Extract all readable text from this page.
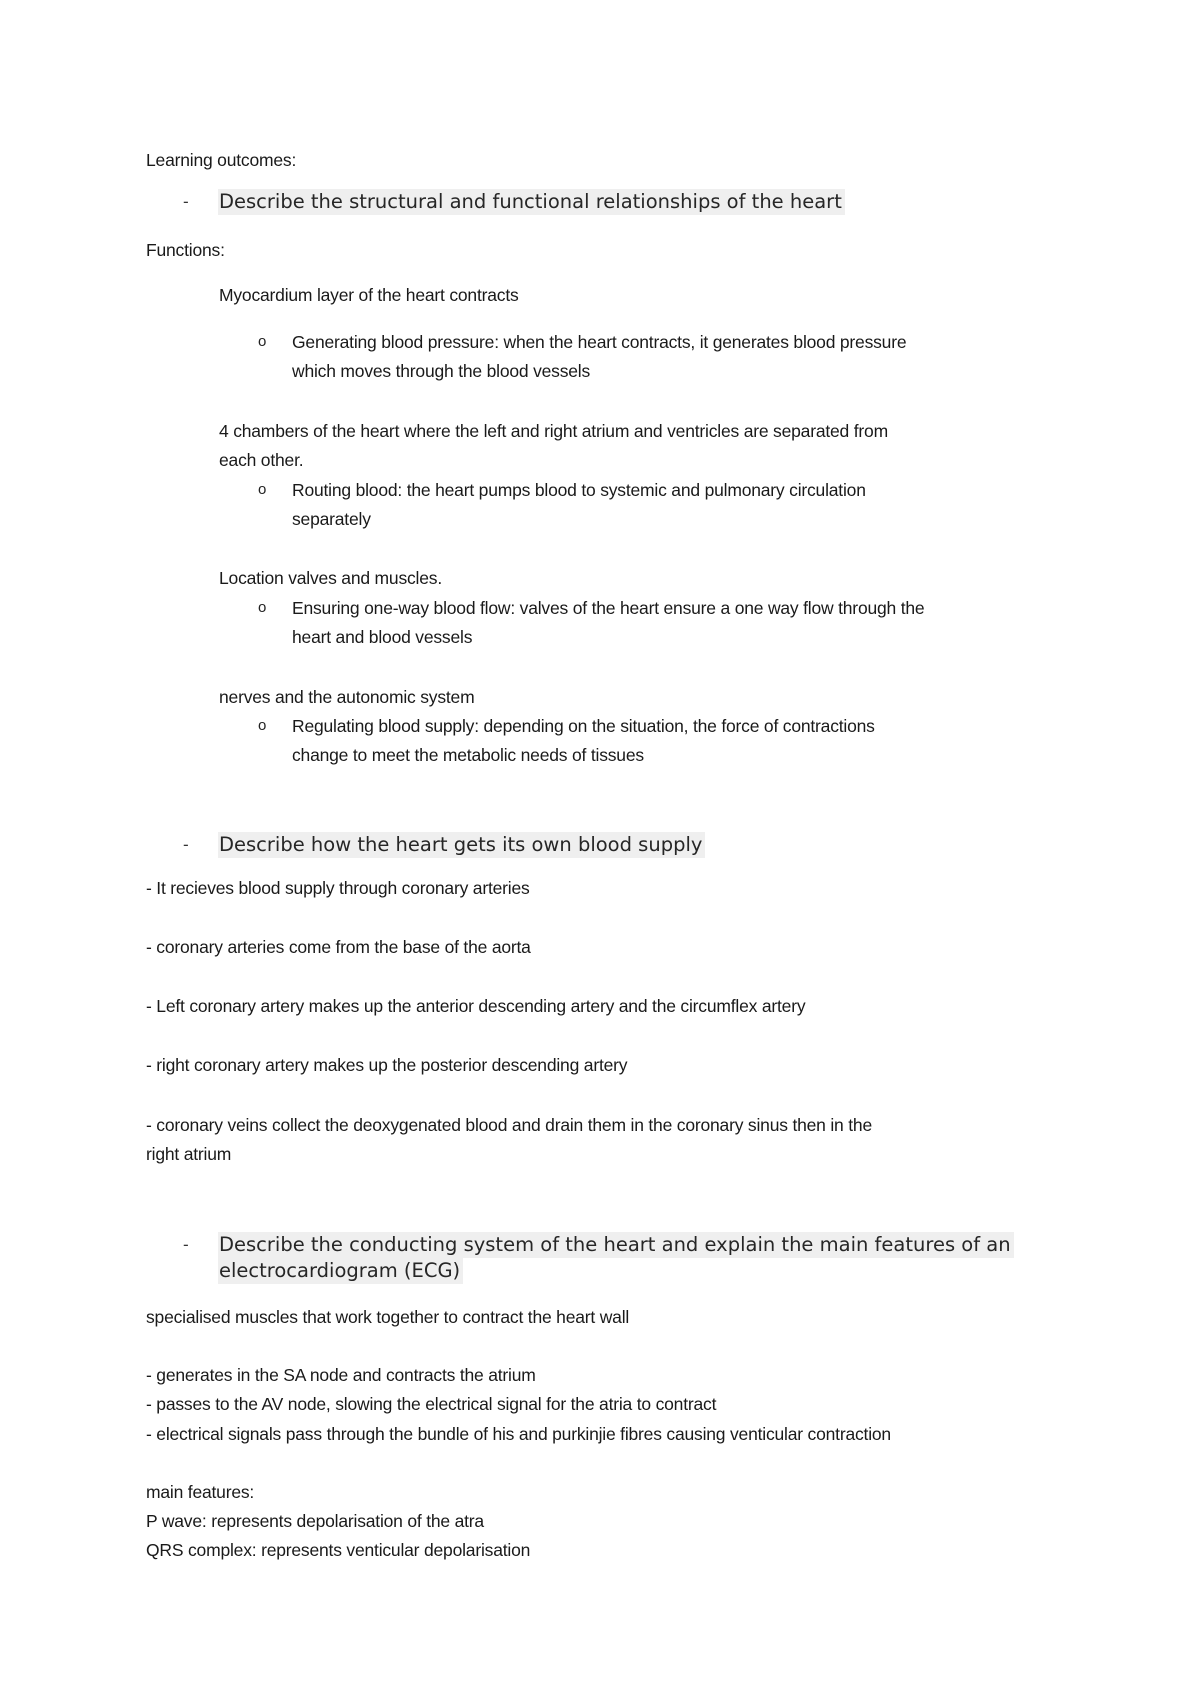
Learning outcomes:
- Describe the structural and functional relationships of the heart
Functions:
Myocardium layer of the heart contracts
o Generating blood pressure: when the heart contracts, it generates blood pressure
which moves through the blood vessels
4 chambers of the heart where the left and right atrium and ventricles are separated from
each other.
o Routing blood: the heart pumps blood to systemic and pulmonary circulation
separately
Location valves and muscles.
o Ensuring one-way blood flow: valves of the heart ensure a one way flow through the
heart and blood vessels
nerves and the autonomic system
o Regulating blood supply: depending on the situation, the force of contractions
change to meet the metabolic needs of tissues
- Describe how the heart gets its own blood supply
- It recieves blood supply through coronary arteries
- coronary arteries come from the base of the aorta
- Left coronary artery makes up the anterior descending artery and the circumflex artery
- right coronary artery makes up the posterior descending artery
- coronary veins collect the deoxygenated blood and drain them in the coronary sinus then in the
right atrium
- Describe the conducting system of the heart and explain the main features of an
electrocardiogram (ECG)
specialised muscles that work together to contract the heart wall
- generates in the SA node and contracts the atrium
- passes to the AV node, slowing the electrical signal for the atria to contract
- electrical signals pass through the bundle of his and purkinjie fibres causing venticular contraction
main features:
P wave: represents depolarisation of the atra
QRS complex: represents venticular depolarisation
